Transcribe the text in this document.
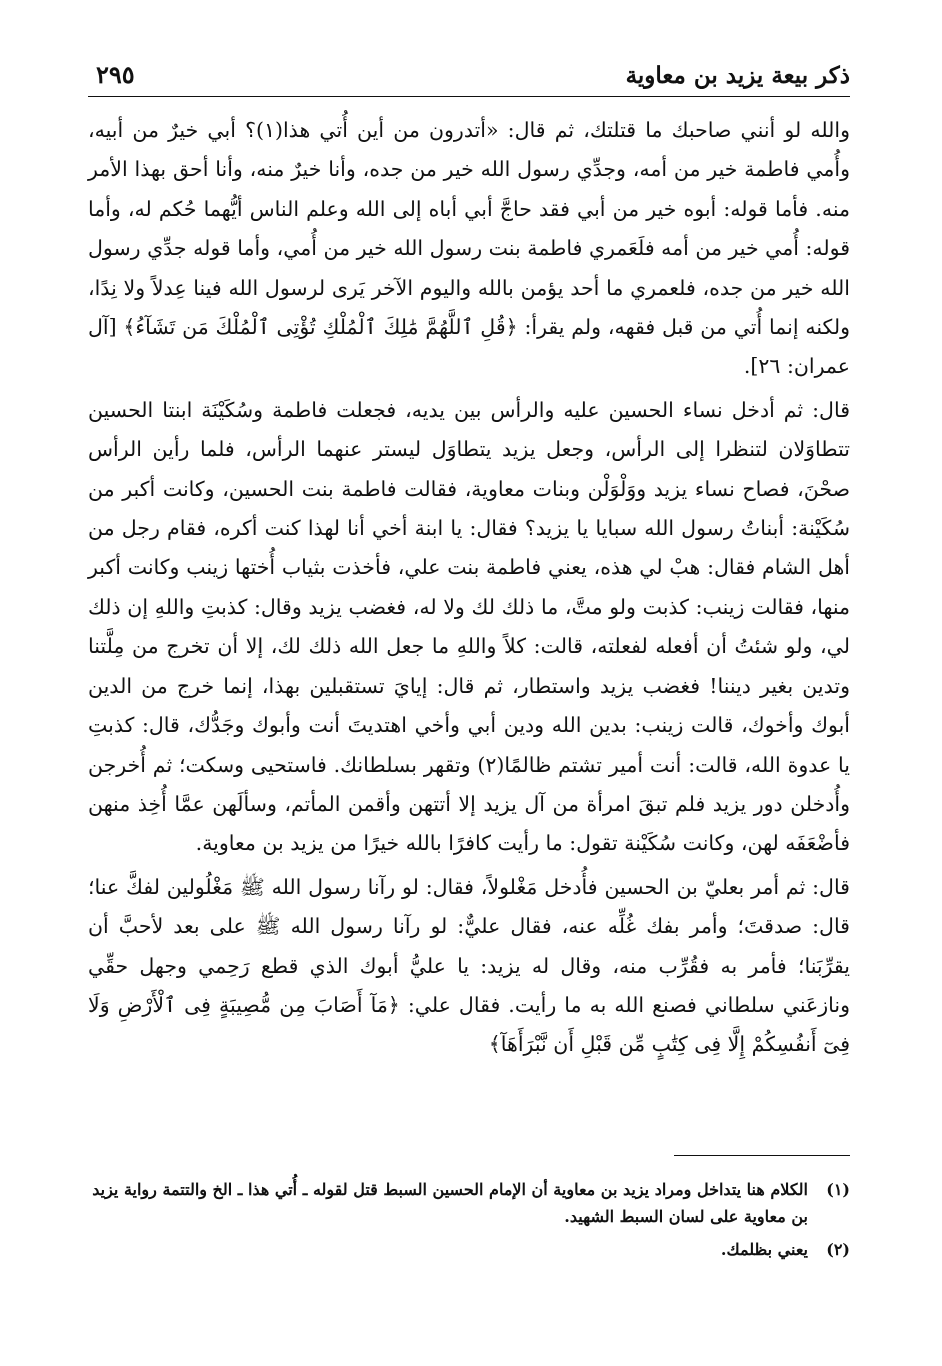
ذكر بيعة يزيد بن معاوية
٢٩٥

والله لو أنني صاحبك ما قتلتك، ثم قال: «أتدرون من أين أُتي هذا(١)؟ أبي خيرٌ من أبيه، وأُمي فاطمة خير من أمه، وجدِّي رسول الله خير من جده، وأنا خيرٌ منه، وأنا أحق بهذا الأمر منه. فأما قوله: أبوه خير من أبي فقد حاجَّ أبي أباه إلى الله وعلم الناس أيُّهما حُكم له، وأما قوله: أُمي خير من أمه فلَعَمري فاطمة بنت رسول الله خير من أُمي، وأما قوله جدِّي رسول الله خير من جده، فلعمري ما أحد يؤمن بالله واليوم الآخر يَرى لرسول الله فينا عِدلاً ولا نِدًا، ولكنه إنما أُتي من قبل فقهه، ولم يقرأ: ﴿قُلِ ٱللَّهُمَّ مَٰلِكَ ٱلْمُلْكِ تُؤْتِى ٱلْمُلْكَ مَن تَشَآءُ﴾ [آل عمران: ٢٦].

قال: ثم أدخل نساء الحسين عليه والرأس بين يديه، فجعلت فاطمة وسُكَيْنَة ابنتا الحسين تتطاوَلان لتنظرا إلى الرأس، وجعل يزيد يتطاوَل ليستر عنهما الرأس، فلما رأين الرأس صحْنَ، فصاح نساء يزيد ووَلْوَلْن وبنات معاوية، فقالت فاطمة بنت الحسين، وكانت أكبر من سُكَيْنة: أبناتُ رسول الله سبايا يا يزيد؟ فقال: يا ابنة أخي أنا لهذا كنت أكره، فقام رجل من أهل الشام فقال: هبْ لي هذه، يعني فاطمة بنت علي، فأخذت بثياب أُختها زينب وكانت أكبر منها، فقالت زينب: كذبت ولو متَّ، ما ذلك لك ولا له، فغضب يزيد وقال: كذبتِ واللهِ إن ذلك لي، ولو شئتُ أن أفعله لفعلته، قالت: كلاً واللهِ ما جعل الله ذلك لك، إلا أن تخرج من مِلَّتنا وتدين بغير ديننا! فغضب يزيد واستطار، ثم قال: إيايَ تستقبلين بهذا، إنما خرج من الدين أبوك وأخوك، قالت زينب: بدين الله ودين أبي وأخي اهتديتَ أنت وأبوك وجَدُّك، قال: كذبتِ يا عدوة الله، قالت: أنت أمير تشتم ظالمًا(٢) وتقهر بسلطانك. فاستحيى وسكت؛ ثم أُخرجن وأُدخلن دور يزيد فلم تبقَ امرأة من آل يزيد إلا أتتهن وأقمن المأتم، وسألَهن عمَّا أُخِذ منهن فأضْعَفَه لهن، وكانت سُكَيْنة تقول: ما رأيت كافرًا بالله خيرًا من يزيد بن معاوية.

قال: ثم أمر بعليّ بن الحسين فأُدخل مَغْلولاً، فقال: لو رآنا رسول الله ﷺ مَغْلُولين لفكَّ عنا؛ قال: صدقتَ؛ وأمر بفك غُلِّه عنه، فقال عليٌّ: لو رآنا رسول الله ﷺ على بعد لأحبَّ أن يقرِّبَنا؛ فأمر به فقُرِّب منه، وقال له يزيد: يا عليُّ أبوك الذي قطع رَحِمي وجهل حقِّي ونازعَني سلطاني فصنع الله به ما رأيت. فقال علي: ﴿مَآ أَصَابَ مِن مُّصِيبَةٍ فِى ٱلْأَرْضِ وَلَا فِىٓ أَنفُسِكُمْ إِلَّا فِى كِتَٰبٍ مِّن قَبْلِ أَن نَّبْرَأَهَآ﴾

(١)
الكلام هنا يتداخل ومراد يزيد بن معاوية أن الإمام الحسين السبط قتل لقوله ـ أُتي هذا ـ الخ والتتمة رواية يزيد بن معاوية على لسان السبط الشهيد.
(٢)
يعني بظلمك.
